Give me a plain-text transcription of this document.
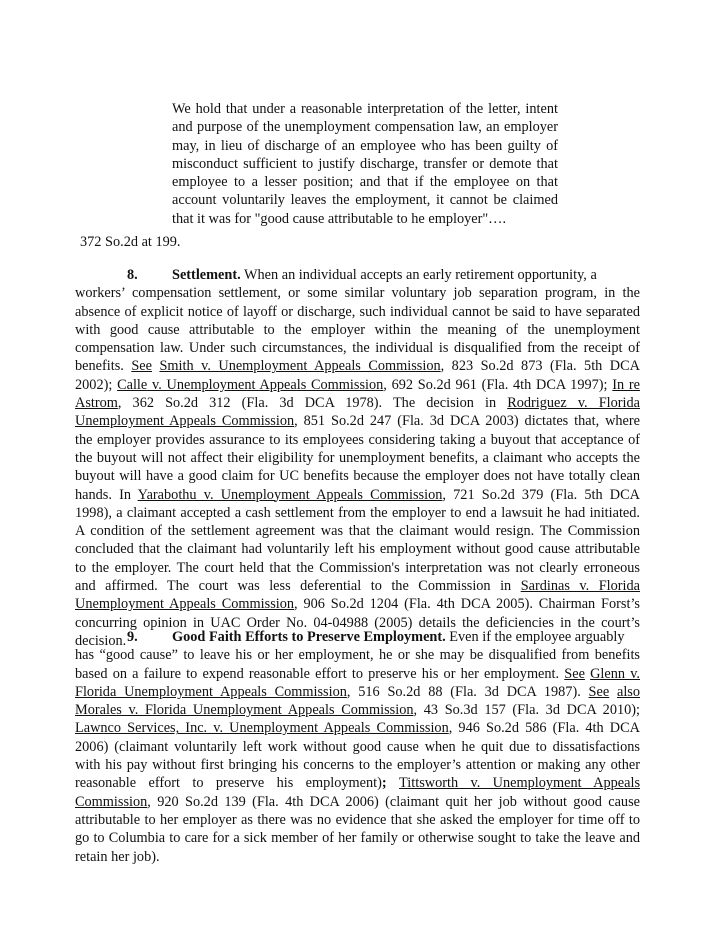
We hold that under a reasonable interpretation of the letter, intent
and purpose of the unemployment compensation law, an employer
may, in lieu of discharge of an employee who has been guilty of
misconduct sufficient to justify discharge, transfer or demote that
employee to a lesser position; and that if the employee on that
account voluntarily leaves the employment, it cannot be claimed
that it was for "good cause attributable to he employer"….
372 So.2d at 199.
8. Settlement. When an individual accepts an early retirement opportunity, a
workers’ compensation settlement, or some similar voluntary job separation program, in the
absence of explicit notice of layoff or discharge, such individual cannot be said to have separated
with good cause attributable to the employer within the meaning of the unemployment
compensation law. Under such circumstances, the individual is disqualified from the receipt of
benefits. See Smith v. Unemployment Appeals Commission, 823 So.2d 873 (Fla. 5th DCA
2002); Calle v. Unemployment Appeals Commission, 692 So.2d 961 (Fla. 4th DCA 1997); In re
Astrom, 362 So.2d 312 (Fla. 3d DCA 1978). The decision in Rodriguez v. Florida
Unemployment Appeals Commission, 851 So.2d 247 (Fla. 3d DCA 2003) dictates that, where
the employer provides assurance to its employees considering taking a buyout that acceptance of
the buyout will not affect their eligibility for unemployment benefits, a claimant who accepts the
buyout will have a good claim for UC benefits because the employer does not have totally clean
hands. In Yarabothu v. Unemployment Appeals Commission, 721 So.2d 379 (Fla. 5th DCA
1998), a claimant accepted a cash settlement from the employer to end a lawsuit he had initiated.
A condition of the settlement agreement was that the claimant would resign. The Commission
concluded that the claimant had voluntarily left his employment without good cause attributable
to the employer. The court held that the Commission's interpretation was not clearly erroneous
and affirmed. The court was less deferential to the Commission in Sardinas v. Florida
Unemployment Appeals Commission, 906 So.2d 1204 (Fla. 4th DCA 2005). Chairman Forst’s
concurring opinion in UAC Order No. 04-04988 (2005) details the deficiencies in the court’s
decision. 9. Good Faith Efforts to Preserve Employment. Even if the employee arguably
has “good cause” to leave his or her employment, he or she may be disqualified from benefits
based on a failure to expend reasonable effort to preserve his or her employment. See Glenn v.
Florida Unemployment Appeals Commission, 516 So.2d 88 (Fla. 3d DCA 1987). See also
Morales v. Florida Unemployment Appeals Commission, 43 So.3d 157 (Fla. 3d DCA 2010);
Lawnco Services, Inc. v. Unemployment Appeals Commission, 946 So.2d 586 (Fla. 4th DCA
2006) (claimant voluntarily left work without good cause when he quit due to dissatisfactions
with his pay without first bringing his concerns to the employer’s attention or making any other
reasonable effort to preserve his employment); Tittsworth v. Unemployment Appeals
Commission, 920 So.2d 139 (Fla. 4th DCA 2006) (claimant quit her job without good cause
attributable to her employer as there was no evidence that she asked the employer for time off to
go to Columbia to care for a sick member of her family or otherwise sought to take the leave and
retain her job).
